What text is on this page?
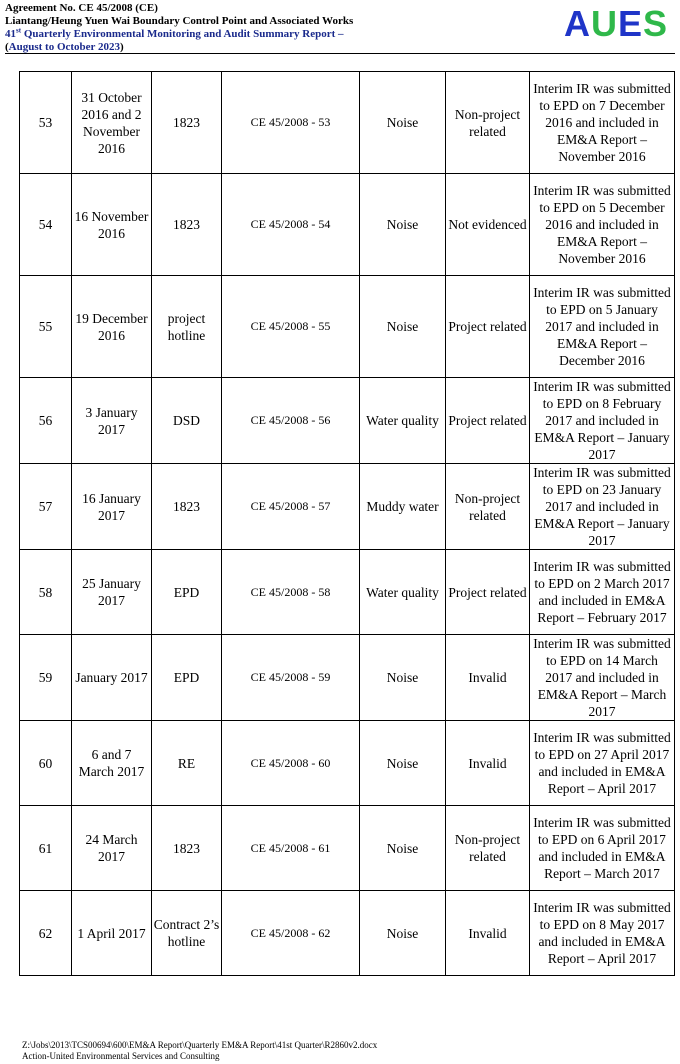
Agreement No. CE 45/2008 (CE)
Liantang/Heung Yuen Wai Boundary Control Point and Associated Works
41st Quarterly Environmental Monitoring and Audit Summary Report –
(August to October 2023)
AUES
53	31 October 2016 and 2 November 2016	1823	CE 45/2008 - 53	Noise	Non-project related	Interim IR was submitted to EPD on 7 December 2016 and included in EM&A Report – November 2016
54	16 November 2016	1823	CE 45/2008 - 54	Noise	Not evidenced	Interim IR was submitted to EPD on 5 December 2016 and included in EM&A Report – November 2016
55	19 December 2016	project hotline	CE 45/2008 - 55	Noise	Project related	Interim IR was submitted to EPD on 5 January 2017 and included in EM&A Report – December 2016
56	3 January 2017	DSD	CE 45/2008 - 56	Water quality	Project related	Interim IR was submitted to EPD on 8 February 2017 and included in EM&A Report – January 2017
57	16 January 2017	1823	CE 45/2008 - 57	Muddy water	Non-project related	Interim IR was submitted to EPD on 23 January 2017 and included in EM&A Report – January 2017
58	25 January 2017	EPD	CE 45/2008 - 58	Water quality	Project related	Interim IR was submitted to EPD on 2 March 2017 and included in EM&A Report – February 2017
59	January 2017	EPD	CE 45/2008 - 59	Noise	Invalid	Interim IR was submitted to EPD on 14 March 2017 and included in EM&A Report – March 2017
60	6 and 7 March 2017	RE	CE 45/2008 - 60	Noise	Invalid	Interim IR was submitted to EPD on 27 April 2017 and included in EM&A Report – April 2017
61	24 March 2017	1823	CE 45/2008 - 61	Noise	Non-project related	Interim IR was submitted to EPD on 6 April 2017 and included in EM&A Report – March 2017
62	1 April 2017	Contract 2’s hotline	CE 45/2008 - 62	Noise	Invalid	Interim IR was submitted to EPD on 8 May 2017 and included in EM&A Report – April 2017
Z:\Jobs\2013\TCS00694\600\EM&A Report\Quarterly EM&A Report\41st Quarter\R2860v2.docx
Action-United Environmental Services and Consulting
